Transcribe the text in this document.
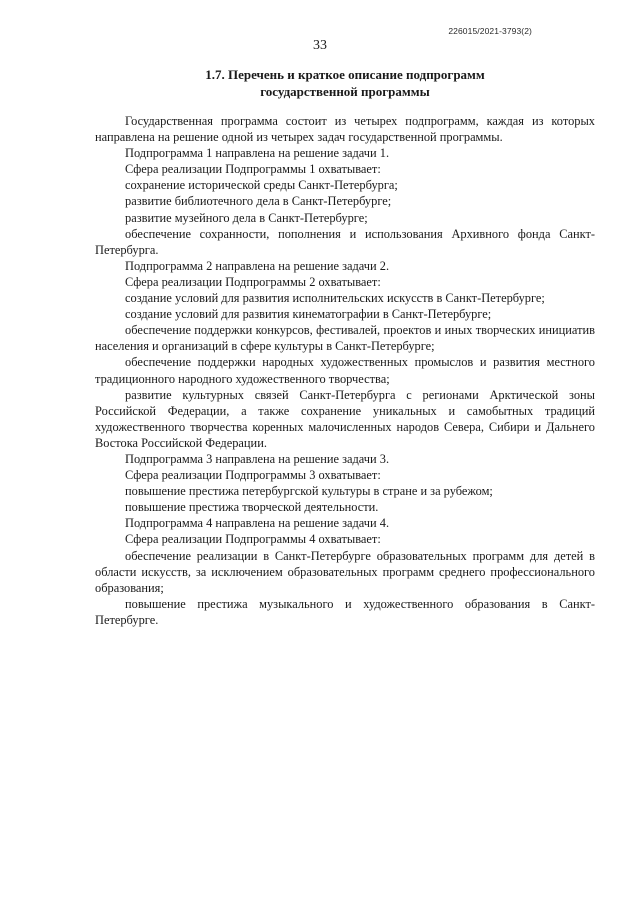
226015/2021-3793(2)
33
1.7. Перечень и краткое описание подпрограмм
государственной программы

Государственная программа состоит из четырех подпрограмм, каждая из которых направлена на решение одной из четырех задач государственной программы.

Подпрограмма 1 направлена на решение задачи 1.

Сфера реализации Подпрограммы 1 охватывает:

сохранение исторической среды Санкт-Петербурга;

развитие библиотечного дела в Санкт-Петербурге;

развитие музейного дела в Санкт-Петербурге;

обеспечение сохранности, пополнения и использования Архивного фонда Санкт-Петербурга.

Подпрограмма 2 направлена на решение задачи 2.

Сфера реализации Подпрограммы 2 охватывает:

создание условий для развития исполнительских искусств в Санкт-Петербурге;

создание условий для развития кинематографии в Санкт-Петербурге;

обеспечение поддержки конкурсов, фестивалей, проектов и иных творческих инициатив населения и организаций в сфере культуры в Санкт-Петербурге;

обеспечение поддержки народных художественных промыслов и развития местного традиционного народного художественного творчества;

развитие культурных связей Санкт-Петербурга с регионами Арктической зоны Российской Федерации, а также сохранение уникальных и самобытных традиций художественного творчества коренных малочисленных народов Севера, Сибири и Дальнего Востока Российской Федерации.

Подпрограмма 3 направлена на решение задачи 3.

Сфера реализации Подпрограммы 3 охватывает:

повышение престижа петербургской культуры в стране и за рубежом;

повышение престижа творческой деятельности.

Подпрограмма 4 направлена на решение задачи 4.

Сфера реализации Подпрограммы 4 охватывает:

обеспечение реализации в Санкт-Петербурге образовательных программ для детей в области искусств, за исключением образовательных программ среднего профессионального образования;

повышение престижа музыкального и художественного образования в Санкт-Петербурге.
